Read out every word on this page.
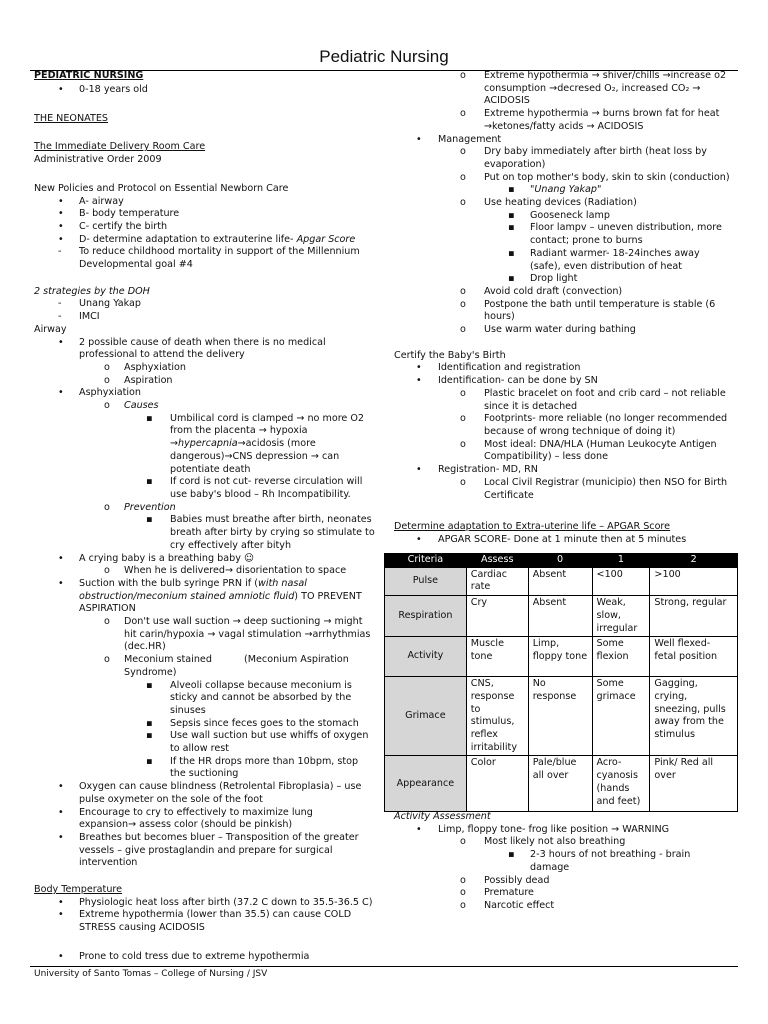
Pediatric Nursing
PEDIATRIC NURSING
• 0-18 years old
THE NEONATES
The Immediate Delivery Room Care
Administrative Order 2009
New Policies and Protocol on Essential Newborn Care
• A- airway
• B- body temperature
• C- certify the birth
• D- determine adaptation to extrauterine life- Apgar Score
- To reduce childhood mortality in support of the Millennium
Developmental goal #4
2 strategies by the DOH
- Unang Yakap
- IMCI
Airway
• 2 possible cause of death when there is no medical
professional to attend the delivery
o Asphyxiation
o Aspiration
• Asphyxiation
o Causes
▪ Umbilical cord is clamped → no more O2
from the placenta → hypoxia
→hypercapnia→acidosis (more
dangerous)→CNS depression → can
potentiate death
▪ If cord is not cut- reverse circulation will
use baby's blood – Rh Incompatibility.
o Prevention
▪ Babies must breathe after birth, neonates
breath after birty by crying so stimulate to
cry effectively after bityh
• A crying baby is a breathing baby ☺
o When he is delivered→ disorientation to space
• Suction with the bulb syringe PRN if (with nasal
obstruction/meconium stained amniotic fluid) TO PREVENT
ASPIRATION
o Don't use wall suction → deep suctioning → might
hit carin/hypoxia → vagal stimulation →arrhythmias
(dec.HR)
o Meconium stained	(Meconium Aspiration
Syndrome)
▪ Alveoli collapse because meconium is
sticky and cannot be absorbed by the
sinuses
▪ Sepsis since feces goes to the stomach
▪ Use wall suction but use whiffs of oxygen
to allow rest
▪ If the HR drops more than 10bpm, stop
the suctioning
• Oxygen can cause blindness (Retrolental Fibroplasia) – use
pulse oxymeter on the sole of the foot
• Encourage to cry to effectively to maximize lung
expansion→ assess color (should be pinkish)
• Breathes but becomes bluer – Transposition of the greater
vessels – give prostaglandin and prepare for surgical
intervention
Body Temperature
• Physiologic heat loss after birth (37.2 C down to 35.5-36.5 C)
• Extreme hypothermia (lower than 35.5) can cause COLD
STRESS causing ACIDOSIS
• Prone to cold tress due to extreme hypothermia
o Extreme hypothermia → shiver/chills →increase o2
consumption →decresed O₂, increased CO₂ →
ACIDOSIS
o Extreme hypothermia → burns brown fat for heat
→ketones/fatty acids → ACIDOSIS
• Management
o Dry baby immediately after birth (heat loss by
evaporation)
o Put on top mother's body, skin to skin (conduction)
▪ "Unang Yakap"
o Use heating devices (Radiation)
▪ Gooseneck lamp
▪ Floor lampv – uneven distribution, more
contact; prone to burns
▪ Radiant warmer- 18-24inches away
(safe), even distribution of heat
▪ Drop light
o Avoid cold draft (convection)
o Postpone the bath until temperature is stable (6
hours)
o Use warm water during bathing
Certify the Baby's Birth
• Identification and registration
• Identification- can be done by SN
o Plastic bracelet on foot and crib card – not reliable
since it is detached
o Footprints- more reliable (no longer recommended
because of wrong technique of doing it)
o Most ideal: DNA/HLA (Human Leukocyte Antigen
Compatibility) – less done
• Registration- MD, RN
o Local Civil Registrar (municipio) then NSO for Birth
Certificate
Determine adaptation to Extra-uterine life – APGAR Score
• APGAR SCORE- Done at 1 minute then at 5 minutes
Criteria	Assess	0	1	2
Pulse	Cardiac rate	Absent	<100	>100
Respiration	Cry	Absent	Weak, slow, irregular	Strong, regular
Activity	Muscle tone	Limp, floppy tone	Some flexion	Well flexed- fetal position
Grimace	CNS, response to stimulus, reflex irritability	No response	Some grimace	Gagging, crying, sneezing, pulls away from the stimulus
Appearance	Color	Pale/blue all over	Acro-cyanosis (hands and feet)	Pink/ Red all over
Activity Assessment
• Limp, floppy tone- frog like position → WARNING
o Most likely not also breathing
▪ 2-3 hours of not breathing - brain
damage
o Possibly dead
o Premature
o Narcotic effect
University of Santo Tomas – College of Nursing / JSV
